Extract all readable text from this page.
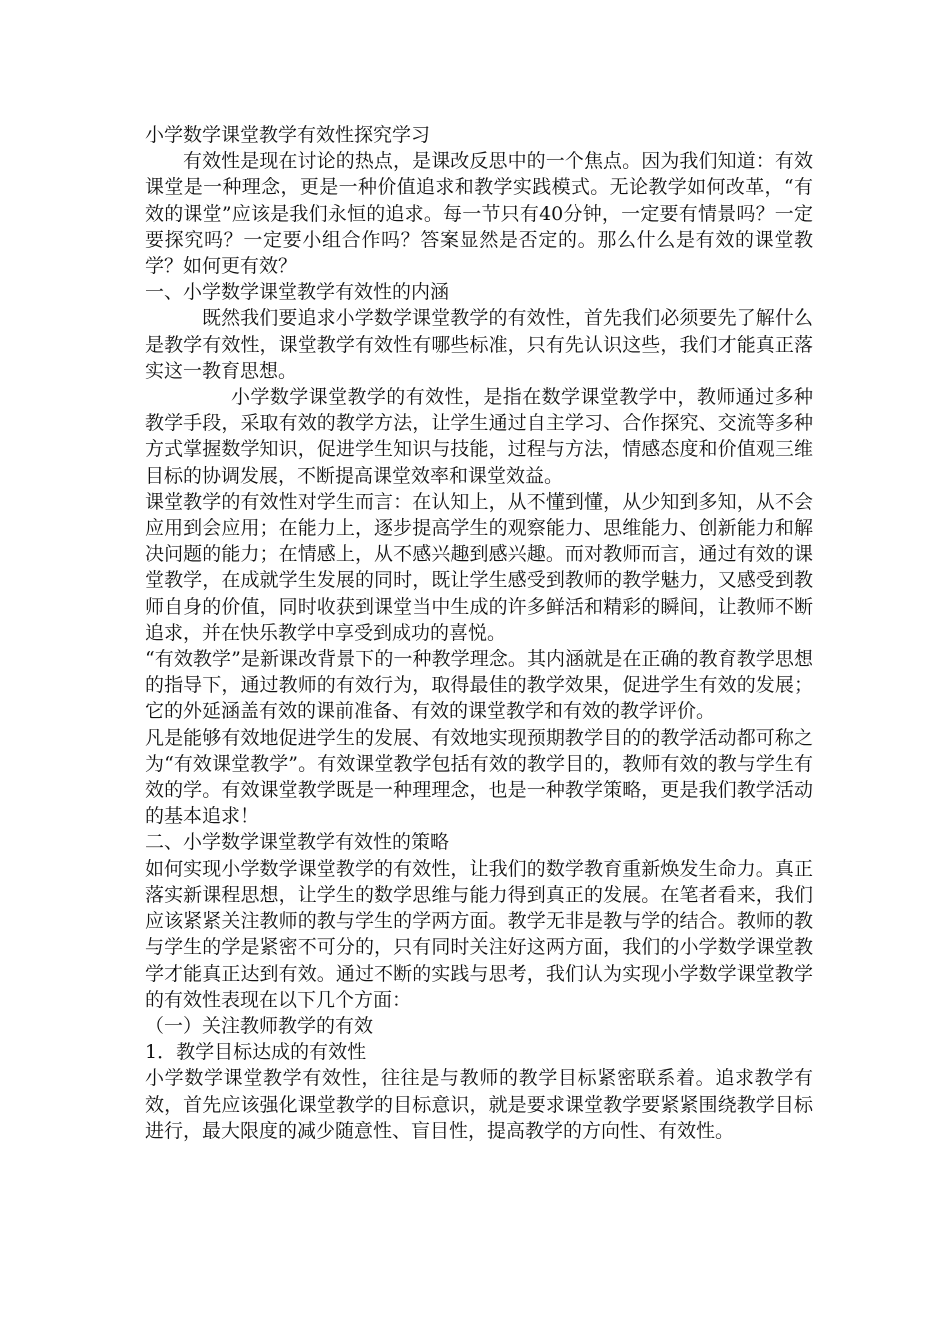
小学数学课堂教学有效性探究学习

有效性是现在讨论的热点，是课改反思中的一个焦点。因为我们知道：有效课堂是一种理念，更是一种价值追求和教学实践模式。无论教学如何改革，“有效的课堂”应该是我们永恒的追求。每一节只有40分钟，一定要有情景吗？一定要探究吗？一定要小组合作吗？答案显然是否定的。那么什么是有效的课堂教学？如何更有效？

一、小学数学课堂教学有效性的内涵

既然我们要追求小学数学课堂教学的有效性，首先我们必须要先了解什么是教学有效性，课堂教学有效性有哪些标准，只有先认识这些，我们才能真正落实这一教育思想。

小学数学课堂教学的有效性，是指在数学课堂教学中，教师通过多种教学手段，采取有效的教学方法，让学生通过自主学习、合作探究、交流等多种方式掌握数学知识，促进学生知识与技能，过程与方法，情感态度和价值观三维目标的协调发展，不断提高课堂效率和课堂效益。

课堂教学的有效性对学生而言：在认知上，从不懂到懂，从少知到多知，从不会应用到会应用；在能力上，逐步提高学生的观察能力、思维能力、创新能力和解决问题的能力；在情感上，从不感兴趣到感兴趣。而对教师而言，通过有效的课堂教学，在成就学生发展的同时，既让学生感受到教师的教学魅力，又感受到教师自身的价值，同时收获到课堂当中生成的许多鲜活和精彩的瞬间，让教师不断追求，并在快乐教学中享受到成功的喜悦。

“有效教学”是新课改背景下的一种教学理念。其内涵就是在正确的教育教学思想的指导下，通过教师的有效行为，取得最佳的教学效果，促进学生有效的发展；它的外延涵盖有效的课前准备、有效的课堂教学和有效的教学评价。

凡是能够有效地促进学生的发展、有效地实现预期教学目的的教学活动都可称之为“有效课堂教学”。有效课堂教学包括有效的教学目的，教师有效的教与学生有效的学。有效课堂教学既是一种理理念，也是一种教学策略，更是我们教学活动的基本追求！

二、小学数学课堂教学有效性的策略

如何实现小学数学课堂教学的有效性，让我们的数学教育重新焕发生命力。真正落实新课程思想，让学生的数学思维与能力得到真正的发展。在笔者看来，我们应该紧紧关注教师的教与学生的学两方面。教学无非是教与学的结合。教师的教与学生的学是紧密不可分的，只有同时关注好这两方面，我们的小学数学课堂教学才能真正达到有效。通过不断的实践与思考，我们认为实现小学数学课堂教学的有效性表现在以下几个方面：

（一）关注教师教学的有效

1．教学目标达成的有效性

小学数学课堂教学有效性，往往是与教师的教学目标紧密联系着。追求教学有效，首先应该强化课堂教学的目标意识，就是要求课堂教学要紧紧围绕教学目标进行，最大限度的减少随意性、盲目性，提高教学的方向性、有效性。
